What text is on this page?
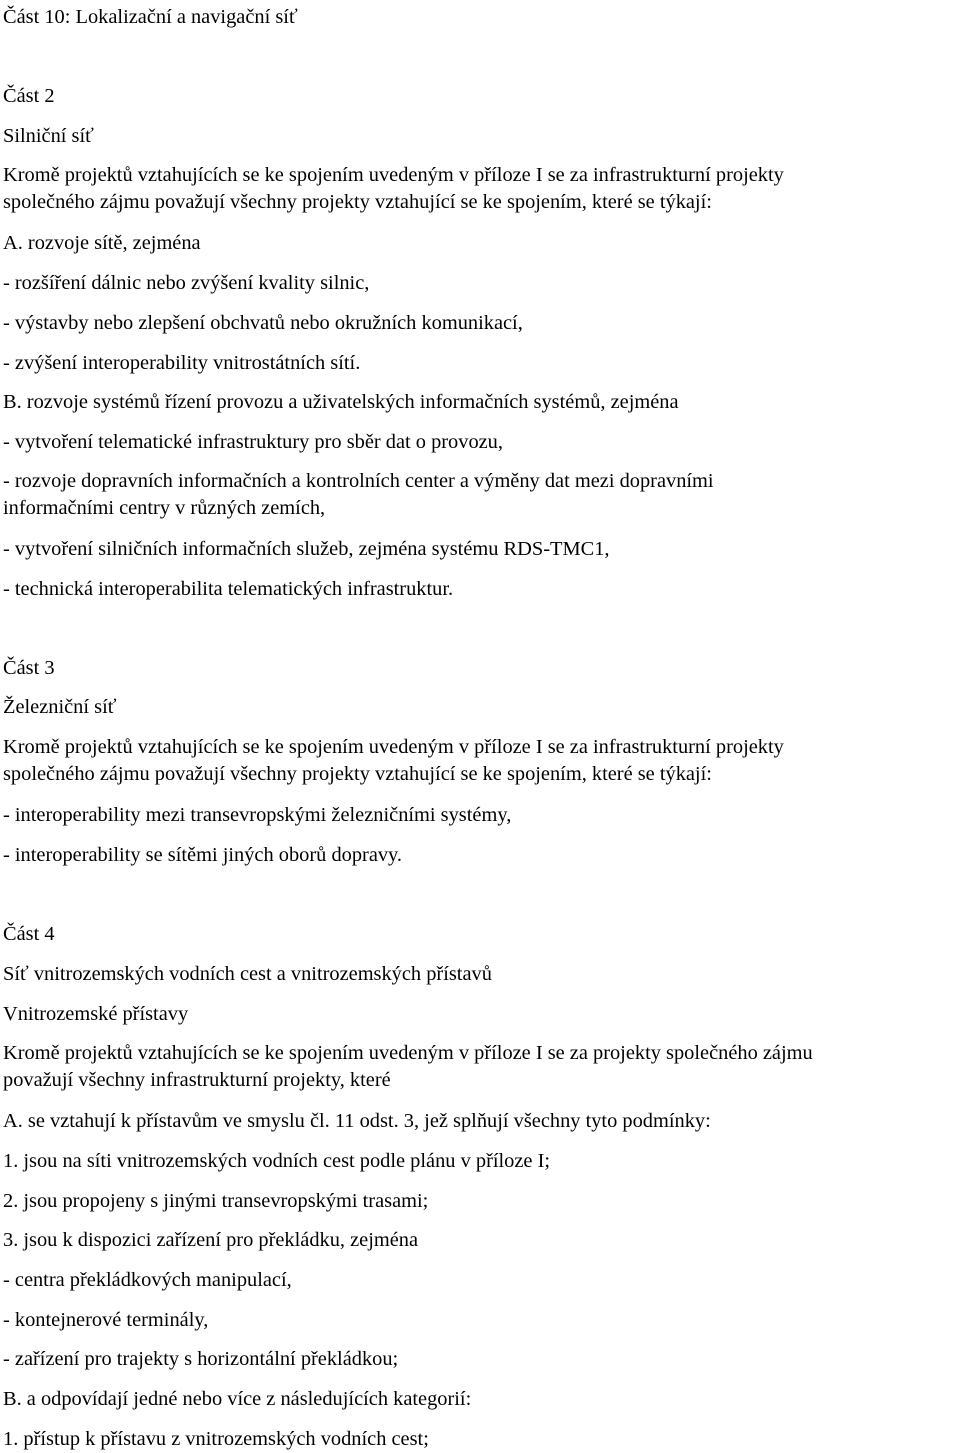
Část 10: Lokalizační a navigační síť

Část 2

Silniční síť

Kromě projektů vztahujících se ke spojením uvedeným v příloze I se za infrastrukturní projekty

společného zájmu považují všechny projekty vztahující se ke spojením, které se týkají:

A. rozvoje sítě, zejména

- rozšíření dálnic nebo zvýšení kvality silnic,

- výstavby nebo zlepšení obchvatů nebo okružních komunikací,

- zvýšení interoperability vnitrostátních sítí.

B. rozvoje systémů řízení provozu a uživatelských informačních systémů, zejména

- vytvoření telematické infrastruktury pro sběr dat o provozu,

- rozvoje dopravních informačních a kontrolních center a výměny dat mezi dopravními

informačními centry v různých zemích,

- vytvoření silničních informačních služeb, zejména systému RDS-TMC1,

- technická interoperabilita telematických infrastruktur.

Část 3

Železniční síť

Kromě projektů vztahujících se ke spojením uvedeným v příloze I se za infrastrukturní projekty

společného zájmu považují všechny projekty vztahující se ke spojením, které se týkají:

- interoperability mezi transevropskými železničními systémy,

- interoperability se sítěmi jiných oborů dopravy.

Část 4

Síť vnitrozemských vodních cest a vnitrozemských přístavů

Vnitrozemské přístavy

Kromě projektů vztahujících se ke spojením uvedeným v příloze I se za projekty společného zájmu

považují všechny infrastrukturní projekty, které

A. se vztahují k přístavům ve smyslu čl. 11 odst. 3, jež splňují všechny tyto podmínky:

1. jsou na síti vnitrozemských vodních cest podle plánu v příloze I;

2. jsou propojeny s jinými transevropskými trasami;

3. jsou k dispozici zařízení pro překládku, zejména

- centra překládkových manipulací,

- kontejnerové terminály,

- zařízení pro trajekty s horizontální překládkou;

B. a odpovídají jedné nebo více z následujících kategorií:

1. přístup k přístavu z vnitrozemských vodních cest;
